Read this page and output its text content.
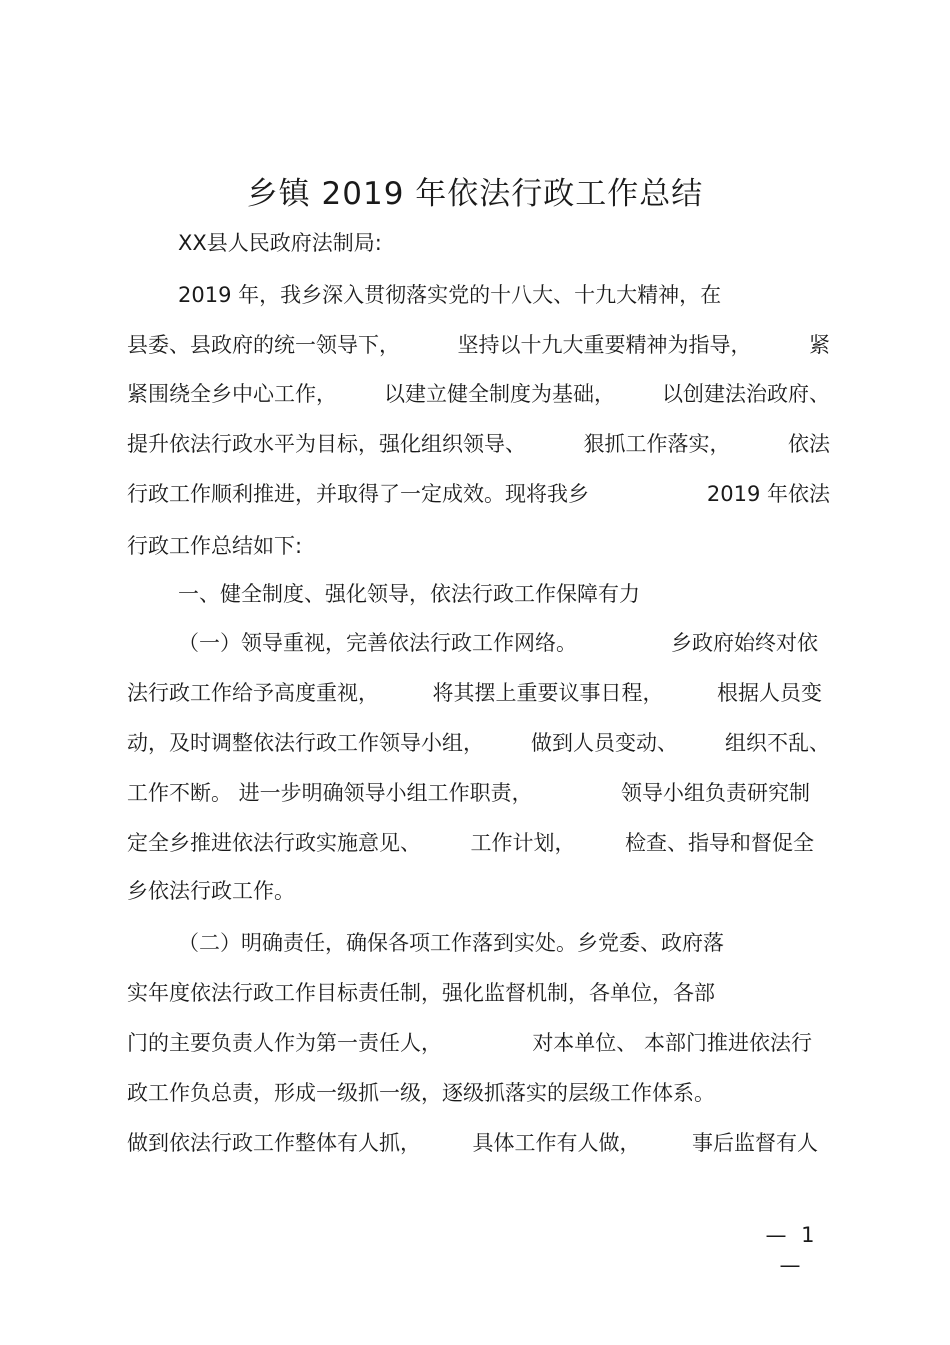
乡镇 2019 年依法行政工作总结
XX县人民政府法制局:
2019 年，我乡深入贯彻落实党的十八大、十九大精神，在
县委、县政府的统一领导下，	坚持以十九大重要精神为指导，	紧
紧围绕全乡中心工作， 以建立健全制度为基础， 以创建法治政府、
提升依法行政水平为目标，强化组织领导、	狠抓工作落实，	依法
行政工作顺利推进，并取得了一定成效。现将我乡	2019 年依法
行政工作总结如下:
一、健全制度、强化领导，依法行政工作保障有力
（一）领导重视，完善依法行政工作网络。	乡政府始终对依
法行政工作给予高度重视，	将其摆上重要议事日程，	根据人员变
动，及时调整依法行政工作领导小组， 做到人员变动、 组织不乱、
工作不断。 进一步明确领导小组工作职责，	领导小组负责研究制
定全乡推进依法行政实施意见、 工作计划， 检查、指导和督促全
乡依法行政工作。
（二）明确责任，确保各项工作落到实处。乡党委、政府落
实年度依法行政工作目标责任制，强化监督机制，各单位，各部
门的主要负责人作为第一责任人，	对本单位、 本部门推进依法行
政工作负总责，形成一级抓一级，逐级抓落实的层级工作体系。
做到依法行政工作整体有人抓， 具体工作有人做， 事后监督有人
— 1 —
